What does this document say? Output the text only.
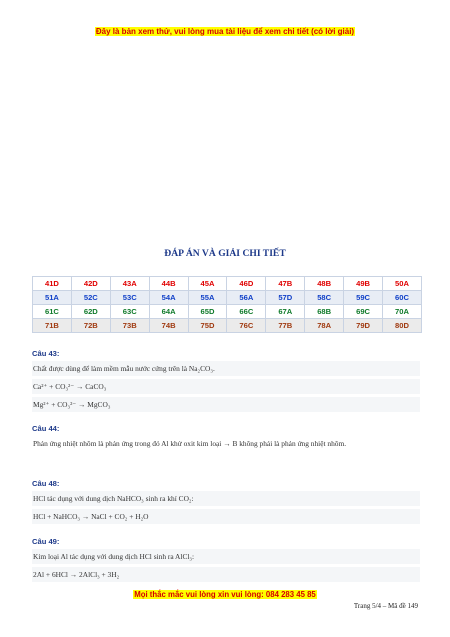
Đây là bản xem thử, vui lòng mua tài liệu để xem chi tiết (có lời giải)
ĐÁP ÁN VÀ GIẢI CHI TIẾT
41D	42D	43A	44B	45A	46D	47B	48B	49B	50A
51A	52C	53C	54A	55A	56A	57D	58C	59C	60C
61C	62D	63C	64A	65D	66C	67A	68B	69C	70A
71B	72B	73B	74B	75D	76C	77B	78A	79D	80D
Câu 43:
Chất được dùng để làm mềm mẫu nước cứng trên là Na₂CO₃.
Ca²⁺ + CO₃²⁻ → CaCO₃
Mg²⁺ + CO₃²⁻ → MgCO₃
Câu 44:
Phản ứng nhiệt nhôm là phản ứng trong đó Al khử oxit kim loại → B không phải là phản ứng nhiệt nhôm.
Câu 48:
HCl tác dụng với dung dịch NaHCO₃ sinh ra khí CO₂:
HCl + NaHCO₃ → NaCl + CO₂ + H₂O
Câu 49:
Kim loại Al tác dụng với dung dịch HCl sinh ra AlCl₃:
2Al + 6HCl → 2AlCl₃ + 3H₂
Mọi thắc mắc vui lòng xin vui lòng: 084 283 45 85
Trang 5/4 – Mã đề 149
